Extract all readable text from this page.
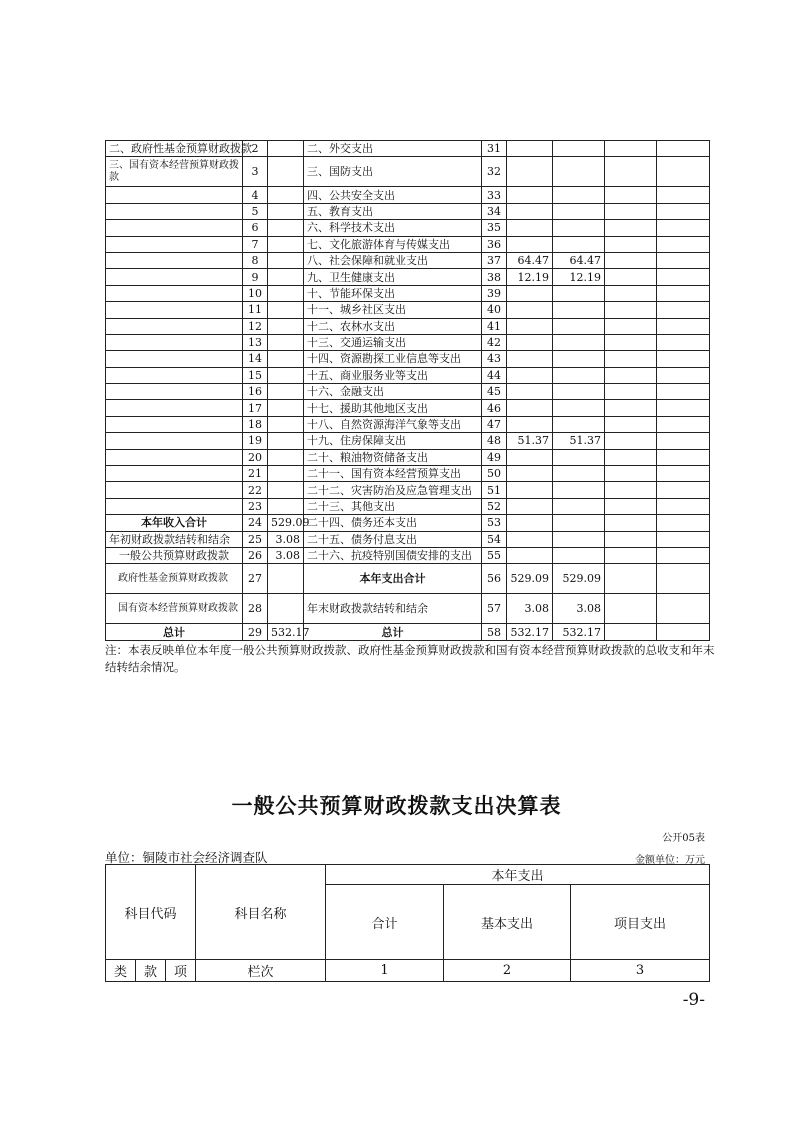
二、政府性基金预算财政拨款	2		二、外交支出	31				
三、国有资本经营预算财政拨款	3		三、国防支出	32				
	4		四、公共安全支出	33				
	5		五、教育支出	34				
	6		六、科学技术支出	35				
	7		七、文化旅游体育与传媒支出	36				
	8		八、社会保障和就业支出	37	64.47	64.47		
	9		九、卫生健康支出	38	12.19	12.19		
	10		十、节能环保支出	39				
	11		十一、城乡社区支出	40				
	12		十二、农林水支出	41				
	13		十三、交通运输支出	42				
	14		十四、资源勘探工业信息等支出	43				
	15		十五、商业服务业等支出	44				
	16		十六、金融支出	45				
	17		十七、援助其他地区支出	46				
	18		十八、自然资源海洋气象等支出	47				
	19		十九、住房保障支出	48	51.37	51.37		
	20		二十、粮油物资储备支出	49				
	21		二十一、国有资本经营预算支出	50				
	22		二十二、灾害防治及应急管理支出	51				
	23		二十三、其他支出	52				
本年收入合计	24	529.09	二十四、债务还本支出	53				
年初财政拨款结转和结余	25	3.08	二十五、债务付息支出	54				
一般公共预算财政拨款	26	3.08	二十六、抗疫特别国债安排的支出	55				
政府性基金预算财政拨款	27		本年支出合计	56	529.09	529.09		
国有资本经营预算财政拨款	28		年末财政拨款结转和结余	57	3.08	3.08		
总计	29	532.17	总计	58	532.17	532.17		
注：本表反映单位本年度一般公共预算财政拨款、政府性基金预算财政拨款和国有资本经营预算财政拨款的总收支和年末结转结余情况。
一般公共预算财政拨款支出决算表
公开05表
单位：铜陵市社会经济调查队	金额单位：万元
科目代码			科目名称	本年支出		
				合计	基本支出	项目支出
类	款	项	栏次	1	2	3
-9-
